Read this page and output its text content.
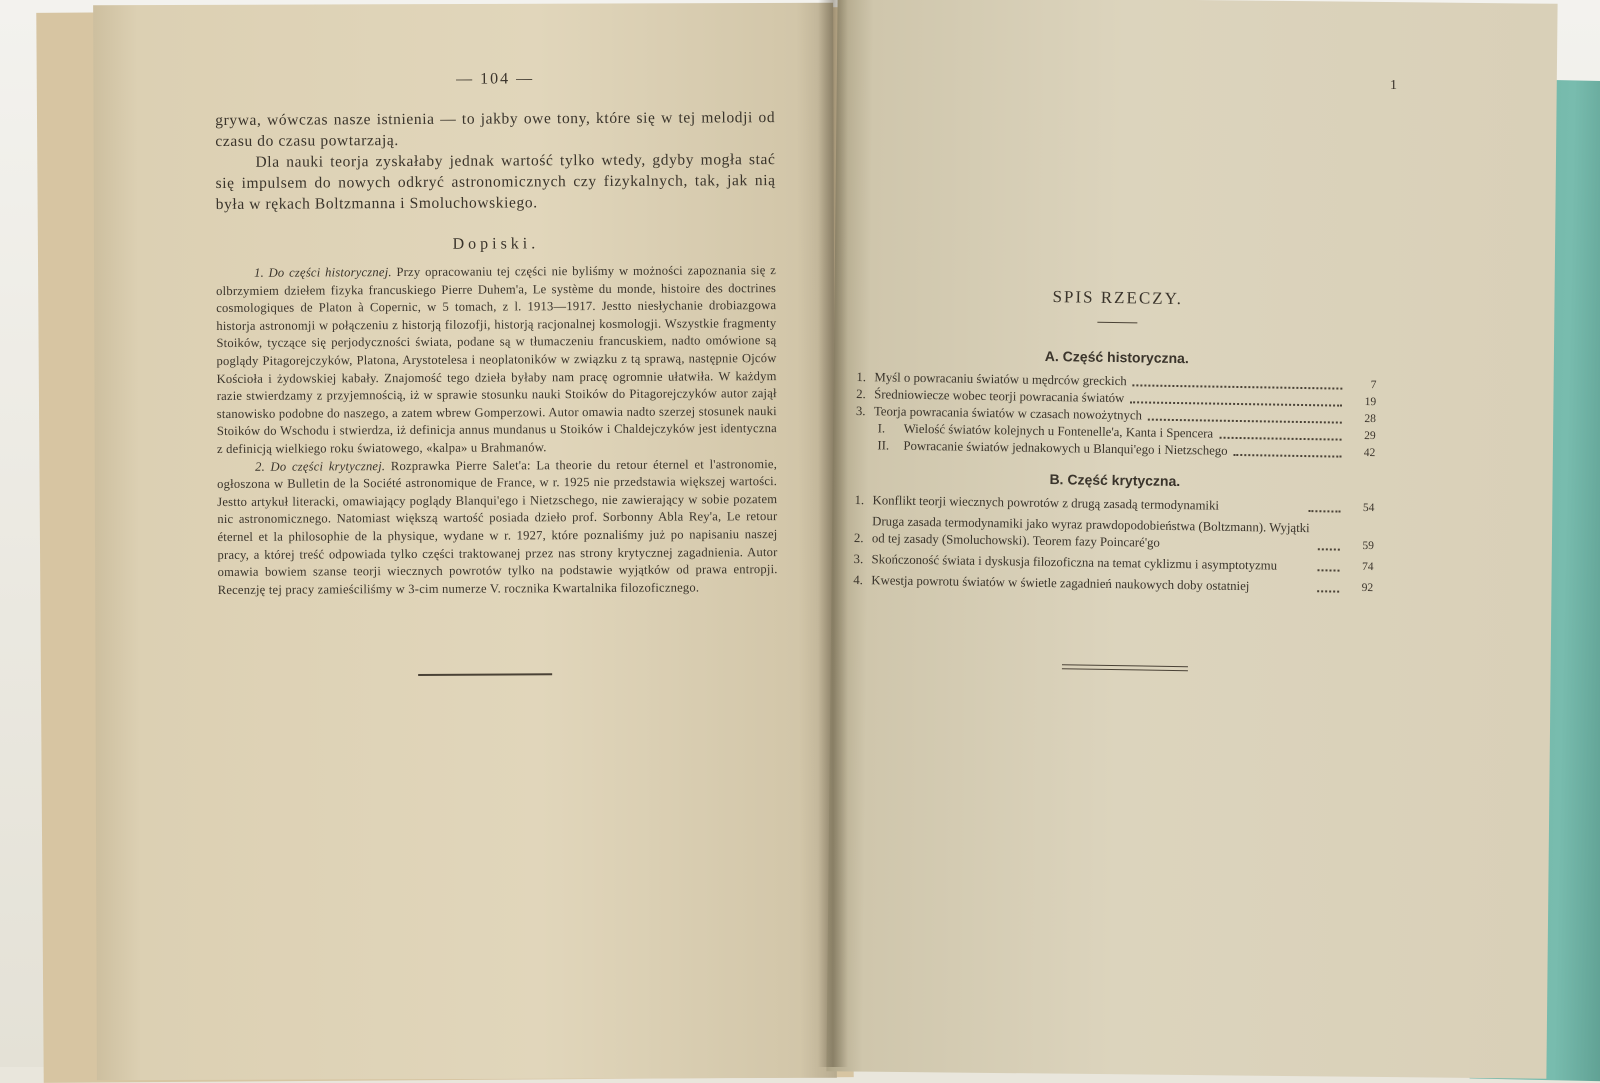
— 104 —

grywa, wówczas nasze istnienia — to jakby owe tony, które się w tej melodji od czasu do czasu powtarzają.

Dla nauki teorja zyskałaby jednak wartość tylko wtedy, gdyby mogła stać się impulsem do nowych odkryć astronomicznych czy fizykalnych, tak, jak nią była w rękach Boltzmanna i Smoluchowskiego.

Dopiski.

1. Do części historycznej. Przy opracowaniu tej części nie byliśmy w możności zapoznania się z olbrzymiem dziełem fizyka francuskiego Pierre Duhem'a, Le système du monde, histoire des doctrines cosmologiques de Platon à Copernic, w 5 tomach, z l. 1913—1917. Jestto niesłychanie drobiazgowa historja astronomji w połączeniu z historją filozofji, historją racjonalnej kosmologji. Wszystkie fragmenty Stoików, tyczące się perjodyczności świata, podane są w tłumaczeniu francuskiem, nadto omówione są poglądy Pitagorejczyków, Platona, Arystotelesa i neoplatoników w związku z tą sprawą, następnie Ojców Kościoła i żydowskiej kabały. Znajomość tego dzieła byłaby nam pracę ogromnie ułatwiła. W każdym razie stwierdzamy z przyjemnością, iż w sprawie stosunku nauki Stoików do Pitagorejczyków autor zajął stanowisko podobne do naszego, a zatem wbrew Gomperzowi. Autor omawia nadto szerzej stosunek nauki Stoików do Wschodu i stwierdza, iż definicja annus mundanus u Stoików i Chaldejczyków jest identyczna z definicją wielkiego roku światowego, «kalpa» u Brahmanów.

2. Do części krytycznej. Rozprawka Pierre Salet'a: La theorie du retour éternel et l'astronomie, ogłoszona w Bulletin de la Société astronomique de France, w r. 1925 nie przedstawia większej wartości. Jestto artykuł literacki, omawiający poglądy Blanqui'ego i Nietzschego, nie zawierający w sobie pozatem nic astronomicznego. Natomiast większą wartość posiada dzieło prof. Sorbonny Abla Rey'a, Le retour éternel et la philosophie de la physique, wydane w r. 1927, które poznaliśmy już po napisaniu naszej pracy, a której treść odpowiada tylko części traktowanej przez nas strony krytycznej zagadnienia. Autor omawia bowiem szanse teorji wiecznych powrotów tylko na podstawie wyjątków od prawa entropji. Recenzję tej pracy zamieściliśmy w 3-cim numerze V. rocznika Kwartalnika filozoficznego.

1
SPIS RZECZY.
A. Część historyczna.
1. Myśl o powracaniu światów u mędrców greckich	7
2. Średniowiecze wobec teorji powracania światów	19
3. Teorja powracania światów w czasach nowożytnych	28
I.	Wielość światów kolejnych u Fontenelle'a, Kanta i Spencera	29
II.	Powracanie światów jednakowych u Blanqui'ego i Nietzschego	42
B. Część krytyczna.
1. Konflikt teorji wiecznych powrotów z drugą zasadą termodynamiki	54
2.
Druga zasada termodynamiki jako wyraz prawdopodobieństwa (Boltzmann). Wyjątki od tej zasady (Smoluchowski). Teorem fazy Poincaré'go	59
3. Skończoność świata i dyskusja filozoficzna na temat cyklizmu i asymptotyzmu	74
4. Kwestja powrotu światów w świetle zagadnień naukowych doby ostatniej	92
